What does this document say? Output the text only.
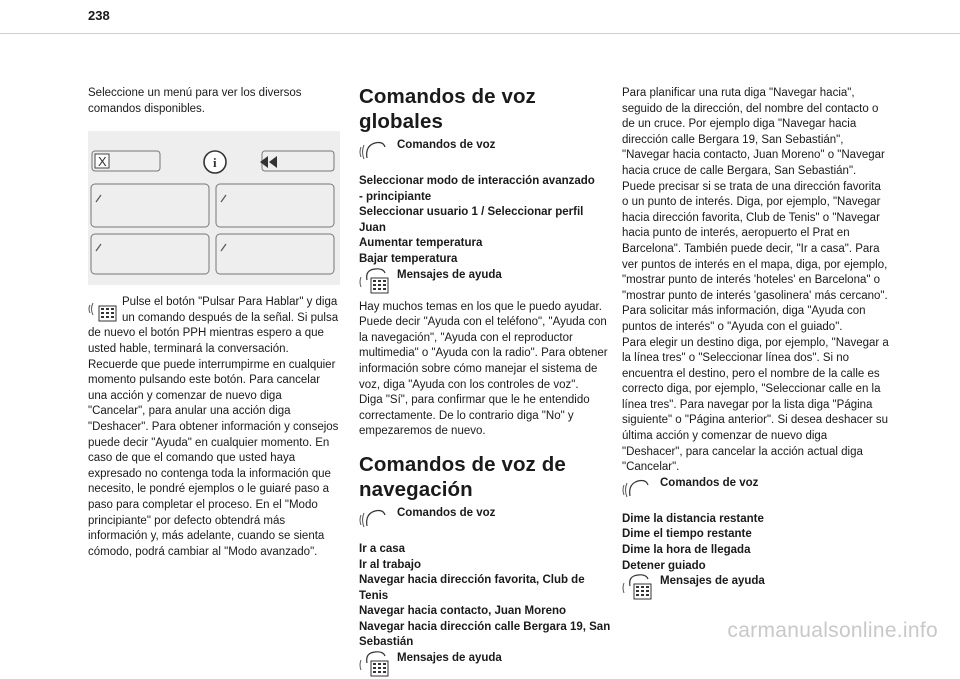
238

Seleccione un menú para ver los diversos comandos disponibles.

X	i

Pulse el botón "Pulsar Para Hablar" y diga un comando después de la señal. Si pulsa de nuevo el botón PPH mientras espero a que usted hable, terminará la conversación. Recuerde que puede interrumpirme en cualquier momento pulsando este botón. Para cancelar una acción y comenzar de nuevo diga "Cancelar", para anular una acción diga "Deshacer". Para obtener información y consejos puede decir "Ayuda" en cualquier momento. En caso de que el comando que usted haya expresado no contenga toda la información que necesito, le pondré ejemplos o le guiaré paso a paso para completar el proceso. En el "Modo principiante" por defecto obtendrá más información y, más adelante, cuando se sienta cómodo, podrá cambiar al "Modo avanzado".

Comandos de voz globales
Comandos de voz
Seleccionar modo de interacción avanzado
- principiante
Seleccionar usuario 1 / Seleccionar perfil Juan
Aumentar temperatura
Bajar temperatura
Mensajes de ayuda

Hay muchos temas en los que le puedo ayudar. Puede decir "Ayuda con el teléfono", "Ayuda con la navegación", "Ayuda con el reproductor multimedia" o "Ayuda con la radio". Para obtener información sobre cómo manejar el sistema de voz, diga "Ayuda con los controles de voz".

Diga "Sí", para confirmar que le he entendido correctamente. De lo contrario diga "No" y empezaremos de nuevo.

Comandos de voz de
navegación
Comandos de voz
Ir a casa
Ir al trabajo
Navegar hacia dirección favorita, Club de Tenis
Navegar hacia contacto, Juan Moreno
Navegar hacia dirección calle Bergara 19, San Sebastián
Mensajes de ayuda

Para planificar una ruta diga "Navegar hacia", seguido de la dirección, del nombre del contacto o de un cruce. Por ejemplo diga "Navegar hacia dirección calle Bergara 19, San Sebastián", "Navegar hacia contacto, Juan Moreno" o "Navegar hacia cruce de calle Bergara, San Sebastián". Puede precisar si se trata de una dirección favorita o un punto de interés. Diga, por ejemplo, "Navegar hacia dirección favorita, Club de Tenis" o "Navegar hacia punto de interés, aeropuerto el Prat en Barcelona". También puede decir, "Ir a casa". Para ver puntos de interés en el mapa, diga, por ejemplo, "mostrar punto de interés 'hoteles' en Barcelona" o "mostrar punto de interés 'gasolinera' más cercano". Para solicitar más información, diga "Ayuda con puntos de interés" o "Ayuda con el guiado".

Para elegir un destino diga, por ejemplo, "Navegar a la línea tres" o "Seleccionar línea dos". Si no encuentra el destino, pero el nombre de la calle es correcto diga, por ejemplo, "Seleccionar calle en la línea tres". Para navegar por la lista diga "Página siguiente" o "Página anterior". Si desea deshacer su última acción y comenzar de nuevo diga "Deshacer", para cancelar la acción actual diga "Cancelar".

Comandos de voz
Dime la distancia restante
Dime el tiempo restante
Dime la hora de llegada
Detener guiado
Mensajes de ayuda
carmanualsonline.info
